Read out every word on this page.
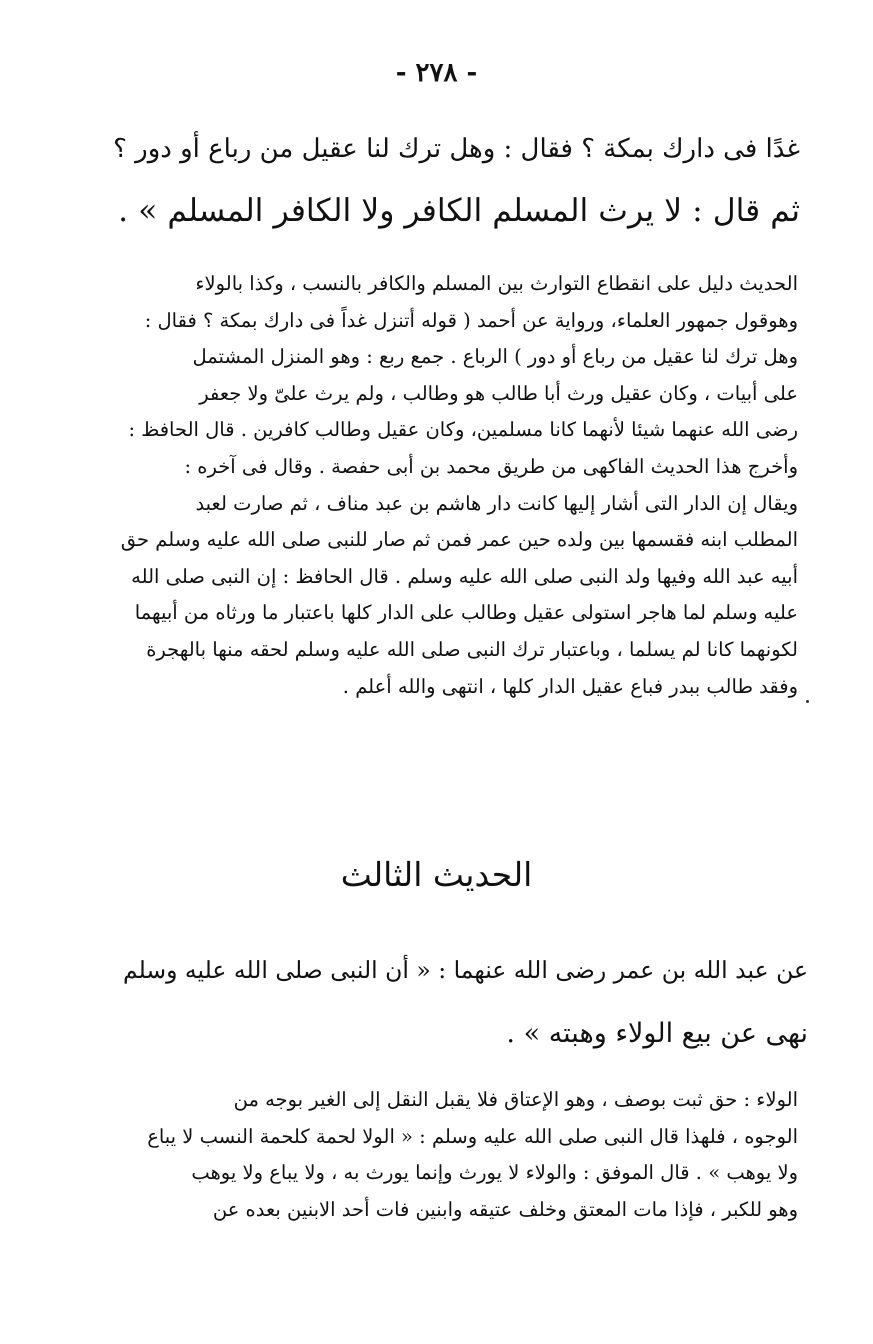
- ٢٧٨ -
غدًا فى دارك بمكة ؟ فقال : وهل ترك لنا عقيل من رباع أو دور ؟
ثم قال : لا يرث المسلم الكافر ولا الكافر المسلم » .
الحديث دليل على انقطاع التوارث بين المسلم والكافر بالنسب ، وكذا بالولاء
وهوقول جمهور العلماء، ورواية عن أحمد ( قوله أتنزل غداً فى دارك بمكة ؟ فقال :
وهل ترك لنا عقيل من رباع أو دور ) الرباع . جمع ربع : وهو المنزل المشتمل
على أبيات ، وكان عقيل ورث أبا طالب هو وطالب ، ولم يرث علىّ ولا جعفر
رضى الله عنهما شيئا لأنهما كانا مسلمين، وكان عقيل وطالب كافرين . قال الحافظ :
وأخرج هذا الحديث الفاكهى من طريق محمد بن أبى حفصة . وقال فى آخره :
ويقال إن الدار التى أشار إليها كانت دار هاشم بن عبد مناف ، ثم صارت لعبد
المطلب ابنه فقسمها بين ولده حين عمر فمن ثم صار للنبى صلى الله عليه وسلم حق
أبيه عبد الله وفيها ولد النبى صلى الله عليه وسلم . قال الحافظ : إن النبى صلى الله
عليه وسلم لما هاجر استولى عقيل وطالب على الدار كلها باعتبار ما ورثاه من أبيهما
لكونهما كانا لم يسلما ، وباعتبار ترك النبى صلى الله عليه وسلم لحقه منها بالهجرة
وفقد طالب ببدر فباع عقيل الدار كلها ، انتهى والله أعلم .
الحديث الثالث
عن عبد الله بن عمر رضى الله عنهما : « أن النبى صلى الله عليه وسلم
نهى عن بيع الولاء وهبته » .
الولاء : حق ثبت بوصف ، وهو الإعتاق فلا يقبل النقل إلى الغير بوجه من
الوجوه ، فلهذا قال النبى صلى الله عليه وسلم : « الولا لحمة كلحمة النسب لا يباع
ولا يوهب » . قال الموفق : والولاء لا يورث وإنما يورث به ، ولا يباع ولا يوهب
وهو للكبر ، فإذا مات المعتق وخلف عتيقه وابنين فات أحد الابنين بعده عن
